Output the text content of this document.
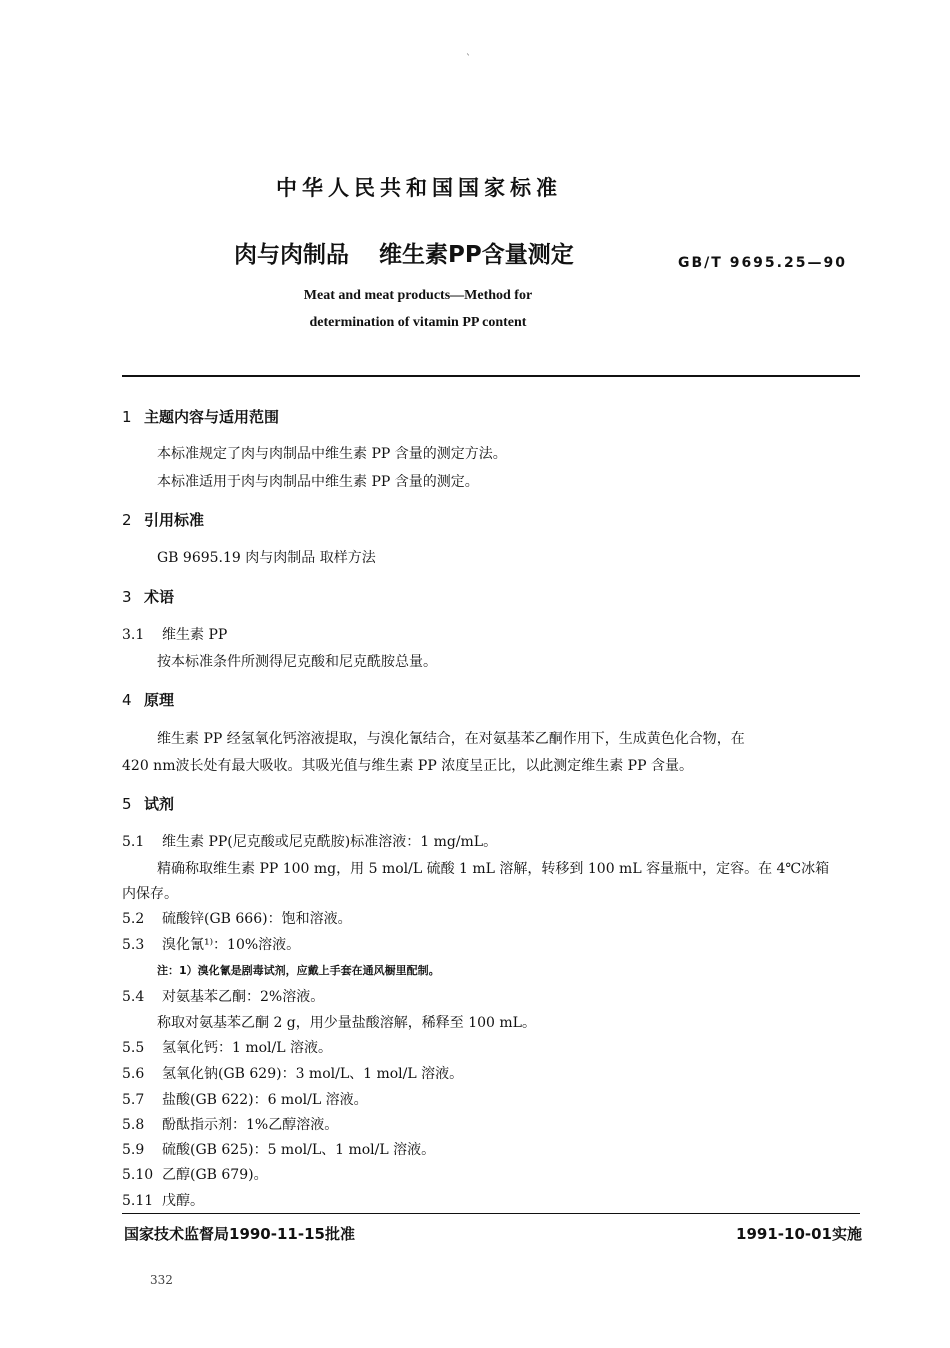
`
中华人民共和国国家标准
肉与肉制品 维生素PP含量测定	GB/T 9695.25—90
Meat and meat products—Method for
determination of vitamin PP content
1 主题内容与适用范围
本标准规定了肉与肉制品中维生素 PP 含量的测定方法。
本标准适用于肉与肉制品中维生素 PP 含量的测定。
2 引用标准
GB 9695.19 肉与肉制品 取样方法
3 术语
3.1 维生素 PP
按本标准条件所测得尼克酸和尼克酰胺总量。
4 原理
维生素 PP 经氢氧化钙溶液提取，与溴化氰结合，在对氨基苯乙酮作用下，生成黄色化合物，在
420 nm波长处有最大吸收。其吸光值与维生素 PP 浓度呈正比，以此测定维生素 PP 含量。
5 试剂
5.1 维生素 PP(尼克酸或尼克酰胺)标准溶液：1 mg/mL。
精确称取维生素 PP 100 mg，用 5 mol/L 硫酸 1 mL 溶解，转移到 100 mL 容量瓶中，定容。在 4℃冰箱
内保存。
5.2 硫酸锌(GB 666)：饱和溶液。
5.3 溴化氰¹⁾：10%溶液。
注：1）溴化氰是剧毒试剂，应戴上手套在通风橱里配制。
5.4 对氨基苯乙酮：2%溶液。
称取对氨基苯乙酮 2 g，用少量盐酸溶解，稀释至 100 mL。
5.5 氢氧化钙：1 mol/L 溶液。
5.6 氢氧化钠(GB 629)：3 mol/L、1 mol/L 溶液。
5.7 盐酸(GB 622)：6 mol/L 溶液。
5.8 酚酞指示剂：1%乙醇溶液。
5.9 硫酸(GB 625)：5 mol/L、1 mol/L 溶液。
5.10 乙醇(GB 679)。
5.11 戊醇。
国家技术监督局1990-11-15批准	1991-10-01实施
332
